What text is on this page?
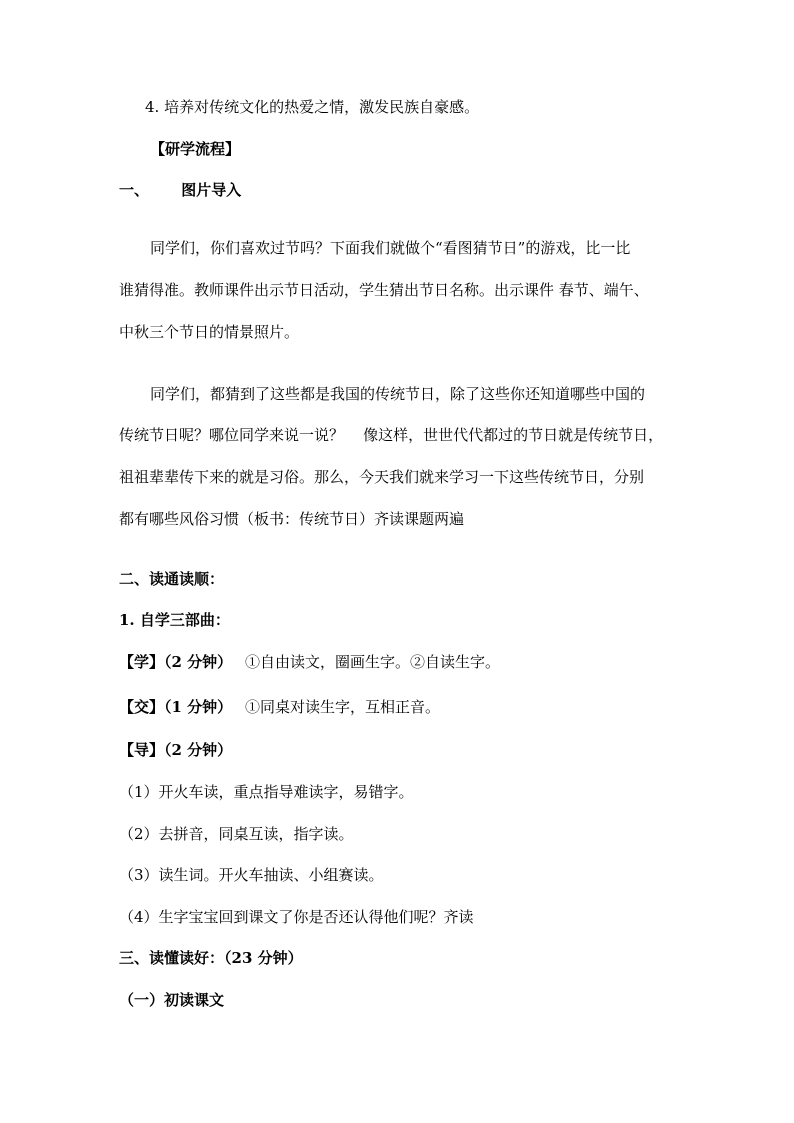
4. 培养对传统文化的热爱之情，激发民族自豪感。
【研学流程】
一、 图片导入
同学们，你们喜欢过节吗？下面我们就做个“看图猜节日”的游戏，比一比
谁猜得准。教师课件出示节日活动，学生猜出节日名称。出示课件 春节、端午、
中秋三个节日的情景照片。
同学们，都猜到了这些都是我国的传统节日，除了这些你还知道哪些中国的
传统节日呢？哪位同学来说一说？    像这样，世世代代都过的节日就是传统节日，
祖祖辈辈传下来的就是习俗。那么，今天我们就来学习一下这些传统节日，分别
都有哪些风俗习惯（板书：传统节日）齐读课题两遍
二、读通读顺：
1. 自学三部曲：
【学】（2 分钟） ①自由读文，圈画生字。②自读生字。
【交】（1 分钟） ①同桌对读生字，互相正音。
【导】（2 分钟）
（1）开火车读，重点指导难读字，易错字。
（2）去拼音，同桌互读，指字读。
（3）读生词。开火车抽读、小组赛读。
（4）生字宝宝回到课文了你是否还认得他们呢？齐读
三、读懂读好：（23 分钟）
（一）初读课文
